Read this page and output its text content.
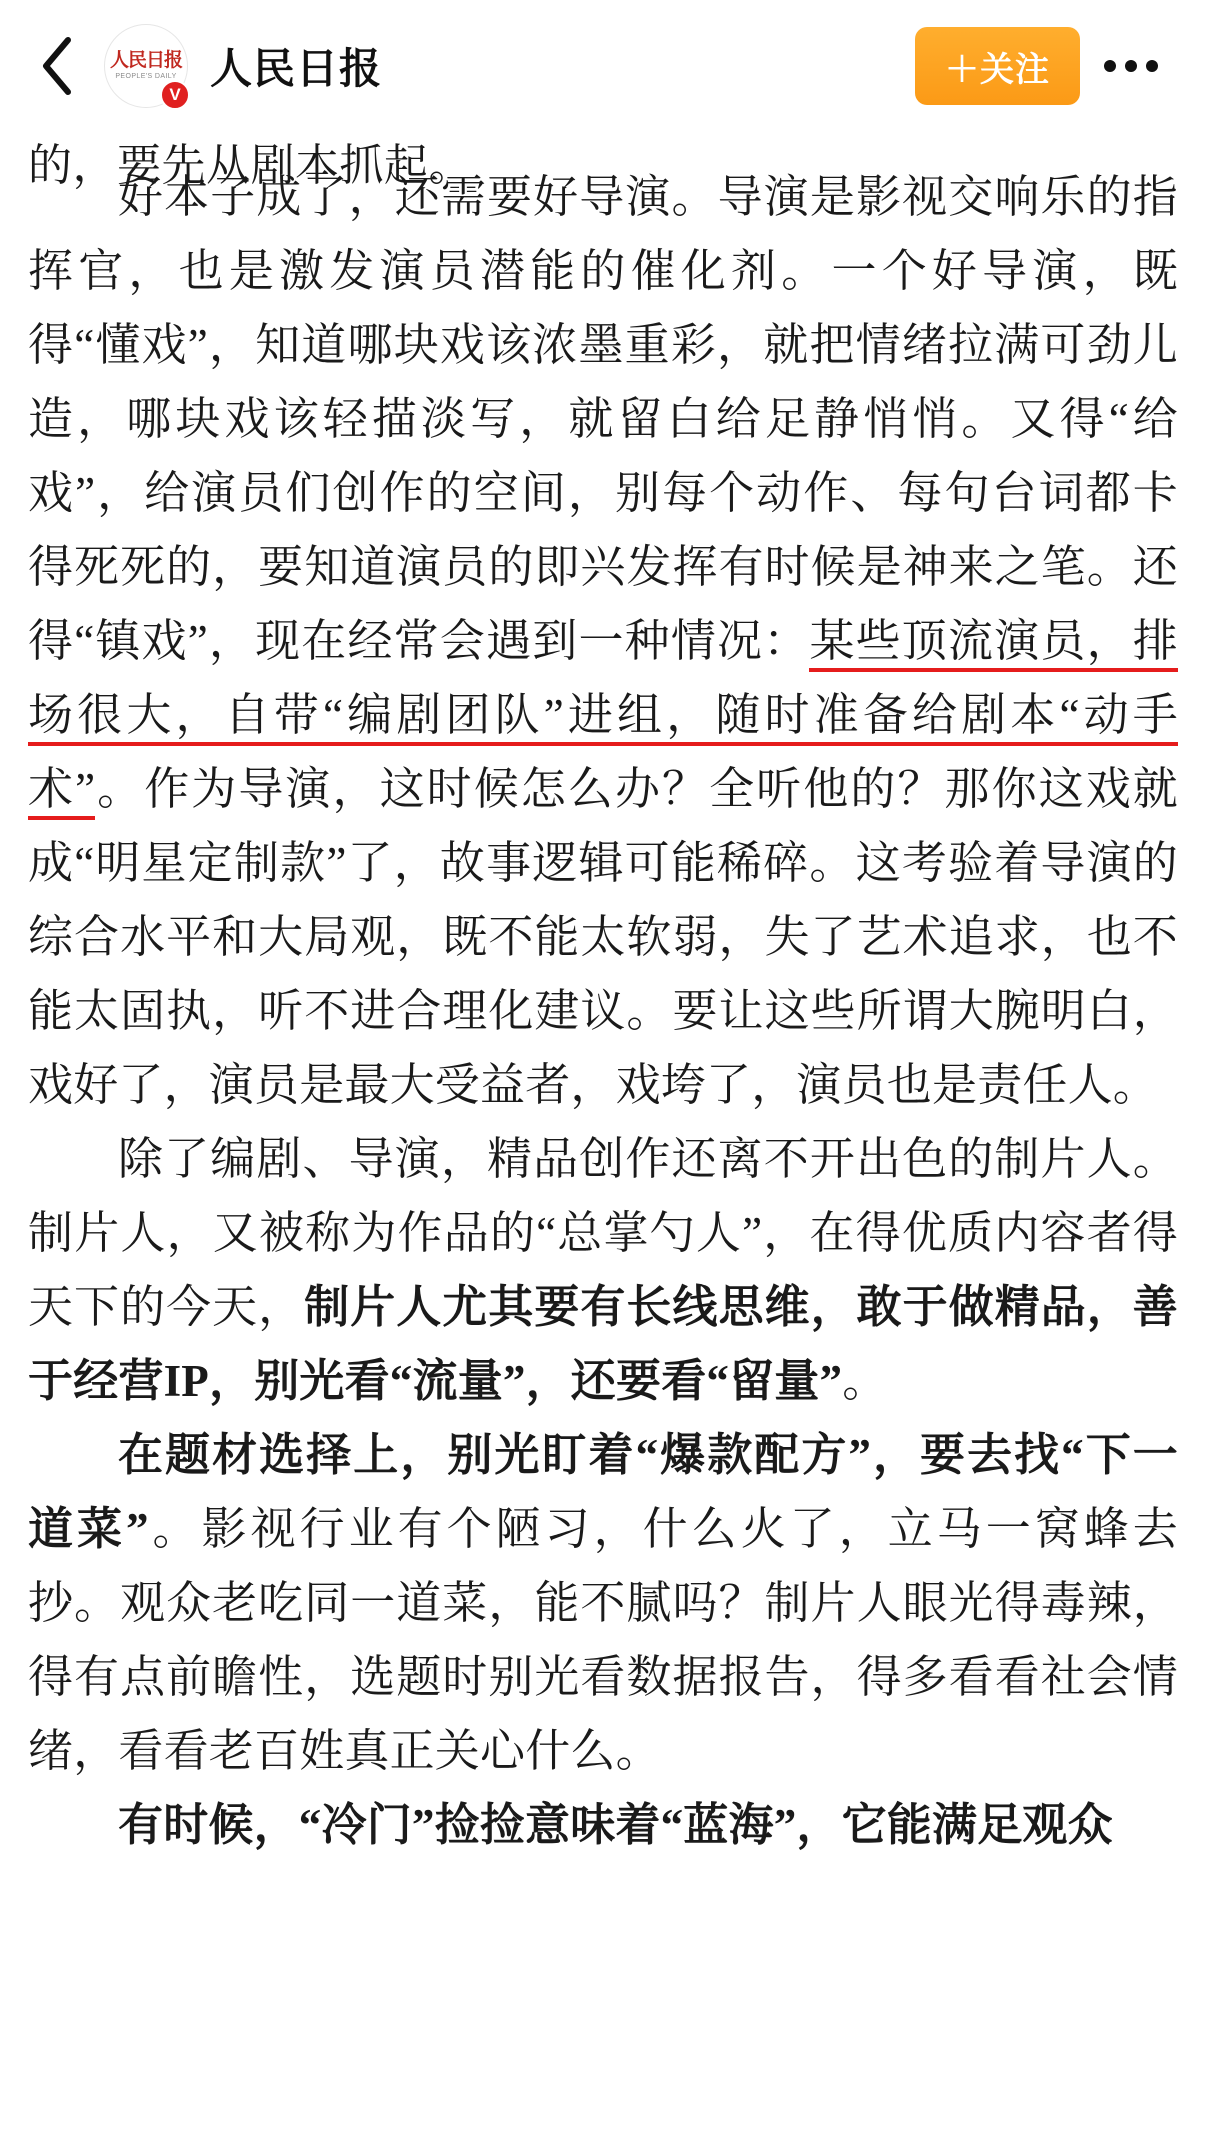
人民日报
PEOPLE'S DAILY
V
人民日报	＋关注
的，要先从剧本抓起。

好本子成了，还需要好导演。导演是影视交响乐的指挥官，也是激发演员潜能的催化剂。一个好导演，既得“懂戏”，知道哪块戏该浓墨重彩，就把情绪拉满可劲儿造，哪块戏该轻描淡写，就留白给足静悄悄。又得“给戏”，给演员们创作的空间，别每个动作、每句台词都卡得死死的，要知道演员的即兴发挥有时候是神来之笔。还得“镇戏”，现在经常会遇到一种情况：某些顶流演员，排场很大，自带“编剧团队”进组，随时准备给剧本“动手术”。作为导演，这时候怎么办？全听他的？那你这戏就成“明星定制款”了，故事逻辑可能稀碎。这考验着导演的综合水平和大局观，既不能太软弱，失了艺术追求，也不能太固执，听不进合理化建议。要让这些所谓大腕明白，戏好了，演员是最大受益者，戏垮了，演员也是责任人。

除了编剧、导演，精品创作还离不开出色的制片人。制片人，又被称为作品的“总掌勺人”，在得优质内容者得天下的今天，制片人尤其要有长线思维，敢于做精品，善于经营IP，别光看“流量”，还要看“留量”。

在题材选择上，别光盯着“爆款配方”，要去找“下一道菜”。影视行业有个陋习，什么火了，立马一窝蜂去抄。观众老吃同一道菜，能不腻吗？制片人眼光得毒辣，得有点前瞻性，选题时别光看数据报告，得多看看社会情绪，看看老百姓真正关心什么。

有时候，“冷门”捡捡意味着“蓝海”，它能满足观众
